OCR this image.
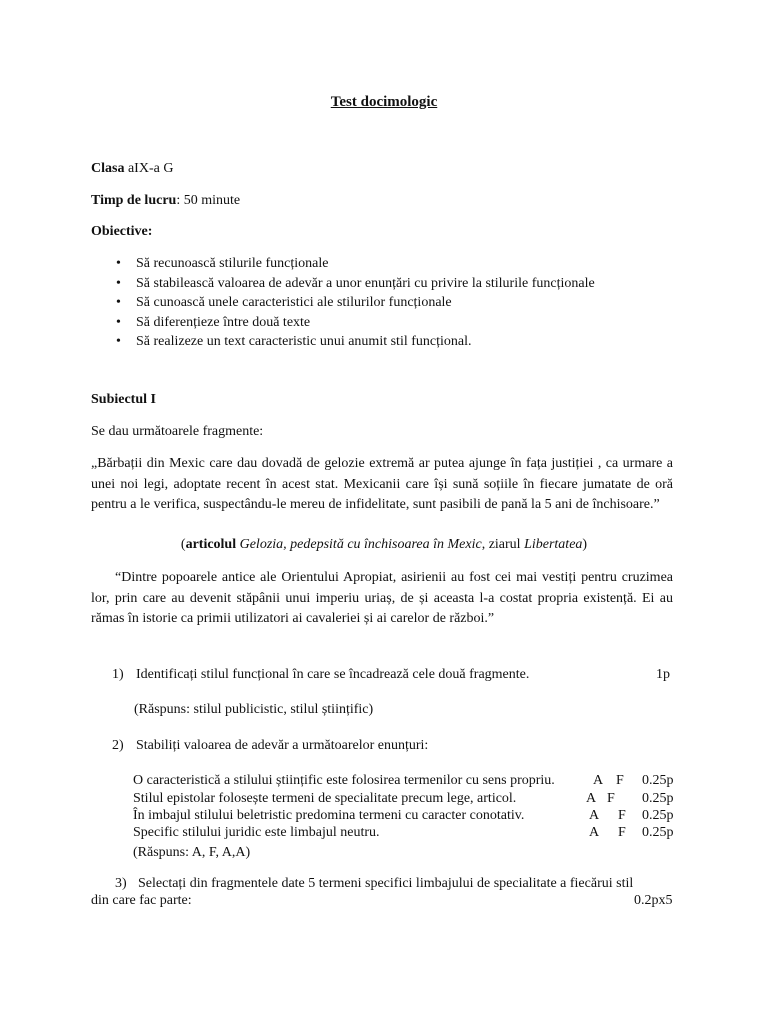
Test docimologic
Clasa aIX-a G
Timp de lucru: 50 minute
Obiective:
• Să recunoască stilurile funcționale
• Să stabilească valoarea de adevăr a unor enunțări cu privire la stilurile funcționale
• Să cunoască unele caracteristici ale stilurilor funcționale
• Să diferențieze între două texte
• Să realizeze un text caracteristic unui anumit stil funcțional.
Subiectul I
Se dau următoarele fragmente:
„Bărbații din Mexic care dau dovadă de gelozie extremă ar putea ajunge în fața justiției , ca urmare a unei noi legi, adoptate recent în acest stat. Mexicanii care își sună soțiile în fiecare jumatate de oră pentru a le verifica, suspectându-le mereu de infidelitate, sunt pasibili de pană la 5 ani de închisoare.”
(articolul Gelozia, pedepsită cu închisoarea în Mexic, ziarul Libertatea)
“Dintre popoarele antice ale Orientului Apropiat, asirienii au fost cei mai vestiți pentru cruzimea lor, prin care au devenit stăpânii unui imperiu uriaș, de și aceasta l-a costat propria existență. Ei au rămas în istorie ca primii utilizatori ai cavaleriei și ai carelor de război.”
1) Identificați stilul funcțional în care se încadrează cele două fragmente.	1p
(Răspuns: stilul publicistic, stilul științific)
2) Stabiliți valoarea de adevăr a următoarelor enunțuri:
O caracteristică a stilului științific este folosirea termenilor cu sens propriu.	A F 0.25p
Stilul epistolar folosește termeni de specialitate precum lege, articol.	A F 0.25p
În imbajul stilului beletristic predomina termeni cu caracter conotativ.	A F 0.25p
Specific stilului juridic este limbajul neutru.	A F 0.25p
(Răspuns: A, F, A,A)
3) Selectați din fragmentele date 5 termeni specifici limbajului de specialitate a fiecărui stil
din care fac parte:	0.2px5
